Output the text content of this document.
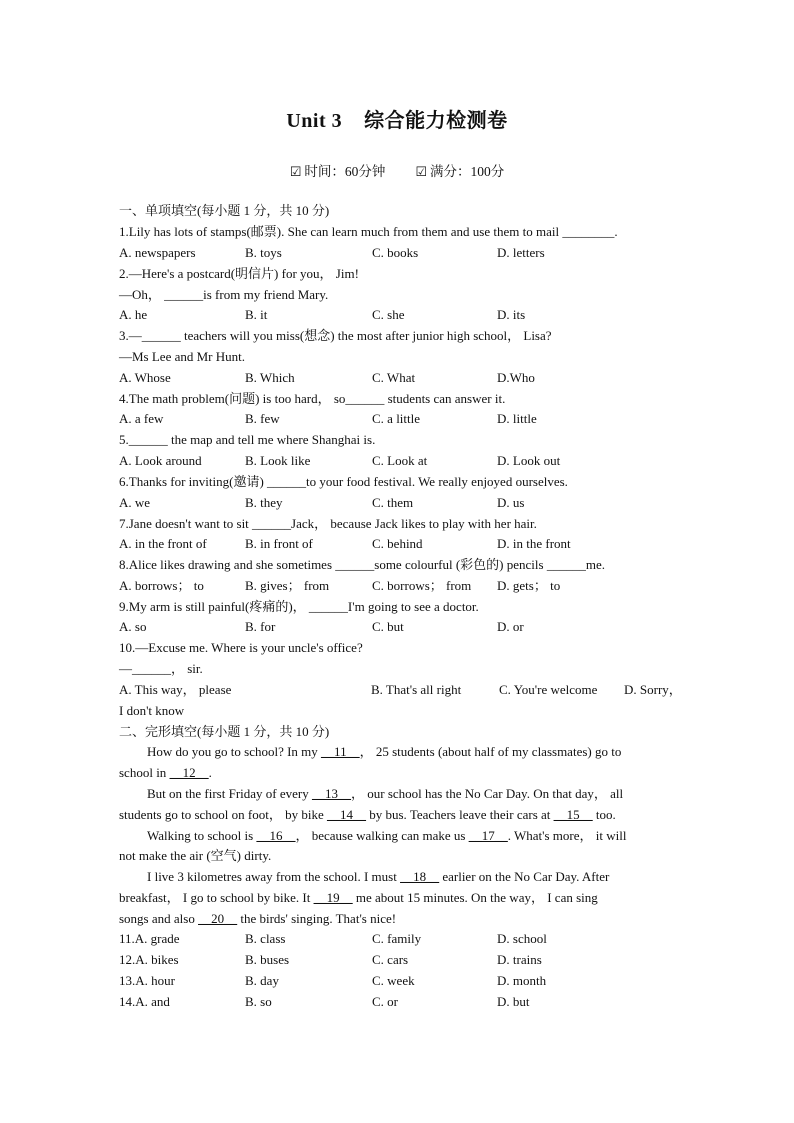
Unit 3 综合能力检测卷
☑ 时间：60分钟 ☑ 满分：100分
一、单项填空(每小题 1 分，共 10 分)
1.Lily has lots of stamps(邮票). She can learn much from them and use them to mail ________.
A. newspapers	B. toys	C. books	D. letters
2.—Here's a postcard(明信片) for you， Jim!
—Oh， ______is from my friend Mary.
A. he	B. it	C. she	D. its
3.—______ teachers will you miss(想念) the most after junior high school， Lisa?
—Ms Lee and Mr Hunt.
A. Whose	B. Which	C. What	D.Who
4.The math problem(问题) is too hard， so______ students can answer it.
A. a few	B. few	C. a little	D. little
5.______ the map and tell me where Shanghai is.
A. Look around	B. Look like	C. Look at	D. Look out
6.Thanks for inviting(邀请) ______to your food festival. We really enjoyed ourselves.
A. we	B. they	C. them	D. us
7.Jane doesn't want to sit ______Jack， because Jack likes to play with her hair.
A. in the front of	B. in front of	C. behind	D. in the front
8.Alice likes drawing and she sometimes ______some colourful (彩色的) pencils ______me.
A. borrows； to	B. gives； from	C. borrows； from D. gets； to
9.My arm is still painful(疼痛的)， ______I'm going to see a doctor.
A. so	B. for	C. but	D. or
10.—Excuse me. Where is your uncle's office?
—______， sir.
A. This way， please	B. That's all right	C. You're welcome D. Sorry，
I don't know
二、完形填空(每小题 1 分，共 10 分)
How do you go to school? In my __11__， 25 students (about half of my classmates) go to
school in __12__.
But on the first Friday of every __13__， our school has the No Car Day. On that day， all
students go to school on foot， by bike __14__ by bus. Teachers leave their cars at __15__ too.
Walking to school is __16__， because walking can make us __17__. What's more， it will
not make the air (空气) dirty.
I live 3 kilometres away from the school. I must __18__ earlier on the No Car Day. After
breakfast， I go to school by bike. It __19__ me about 15 minutes. On the way， I can sing
songs and also __20__ the birds' singing. That's nice!
11.A. grade	B. class	C. family	D. school
12.A. bikes	B. buses	C. cars	D. trains
13.A. hour	B. day	C. week	D. month
14.A. and	B. so	C. or	D. but
